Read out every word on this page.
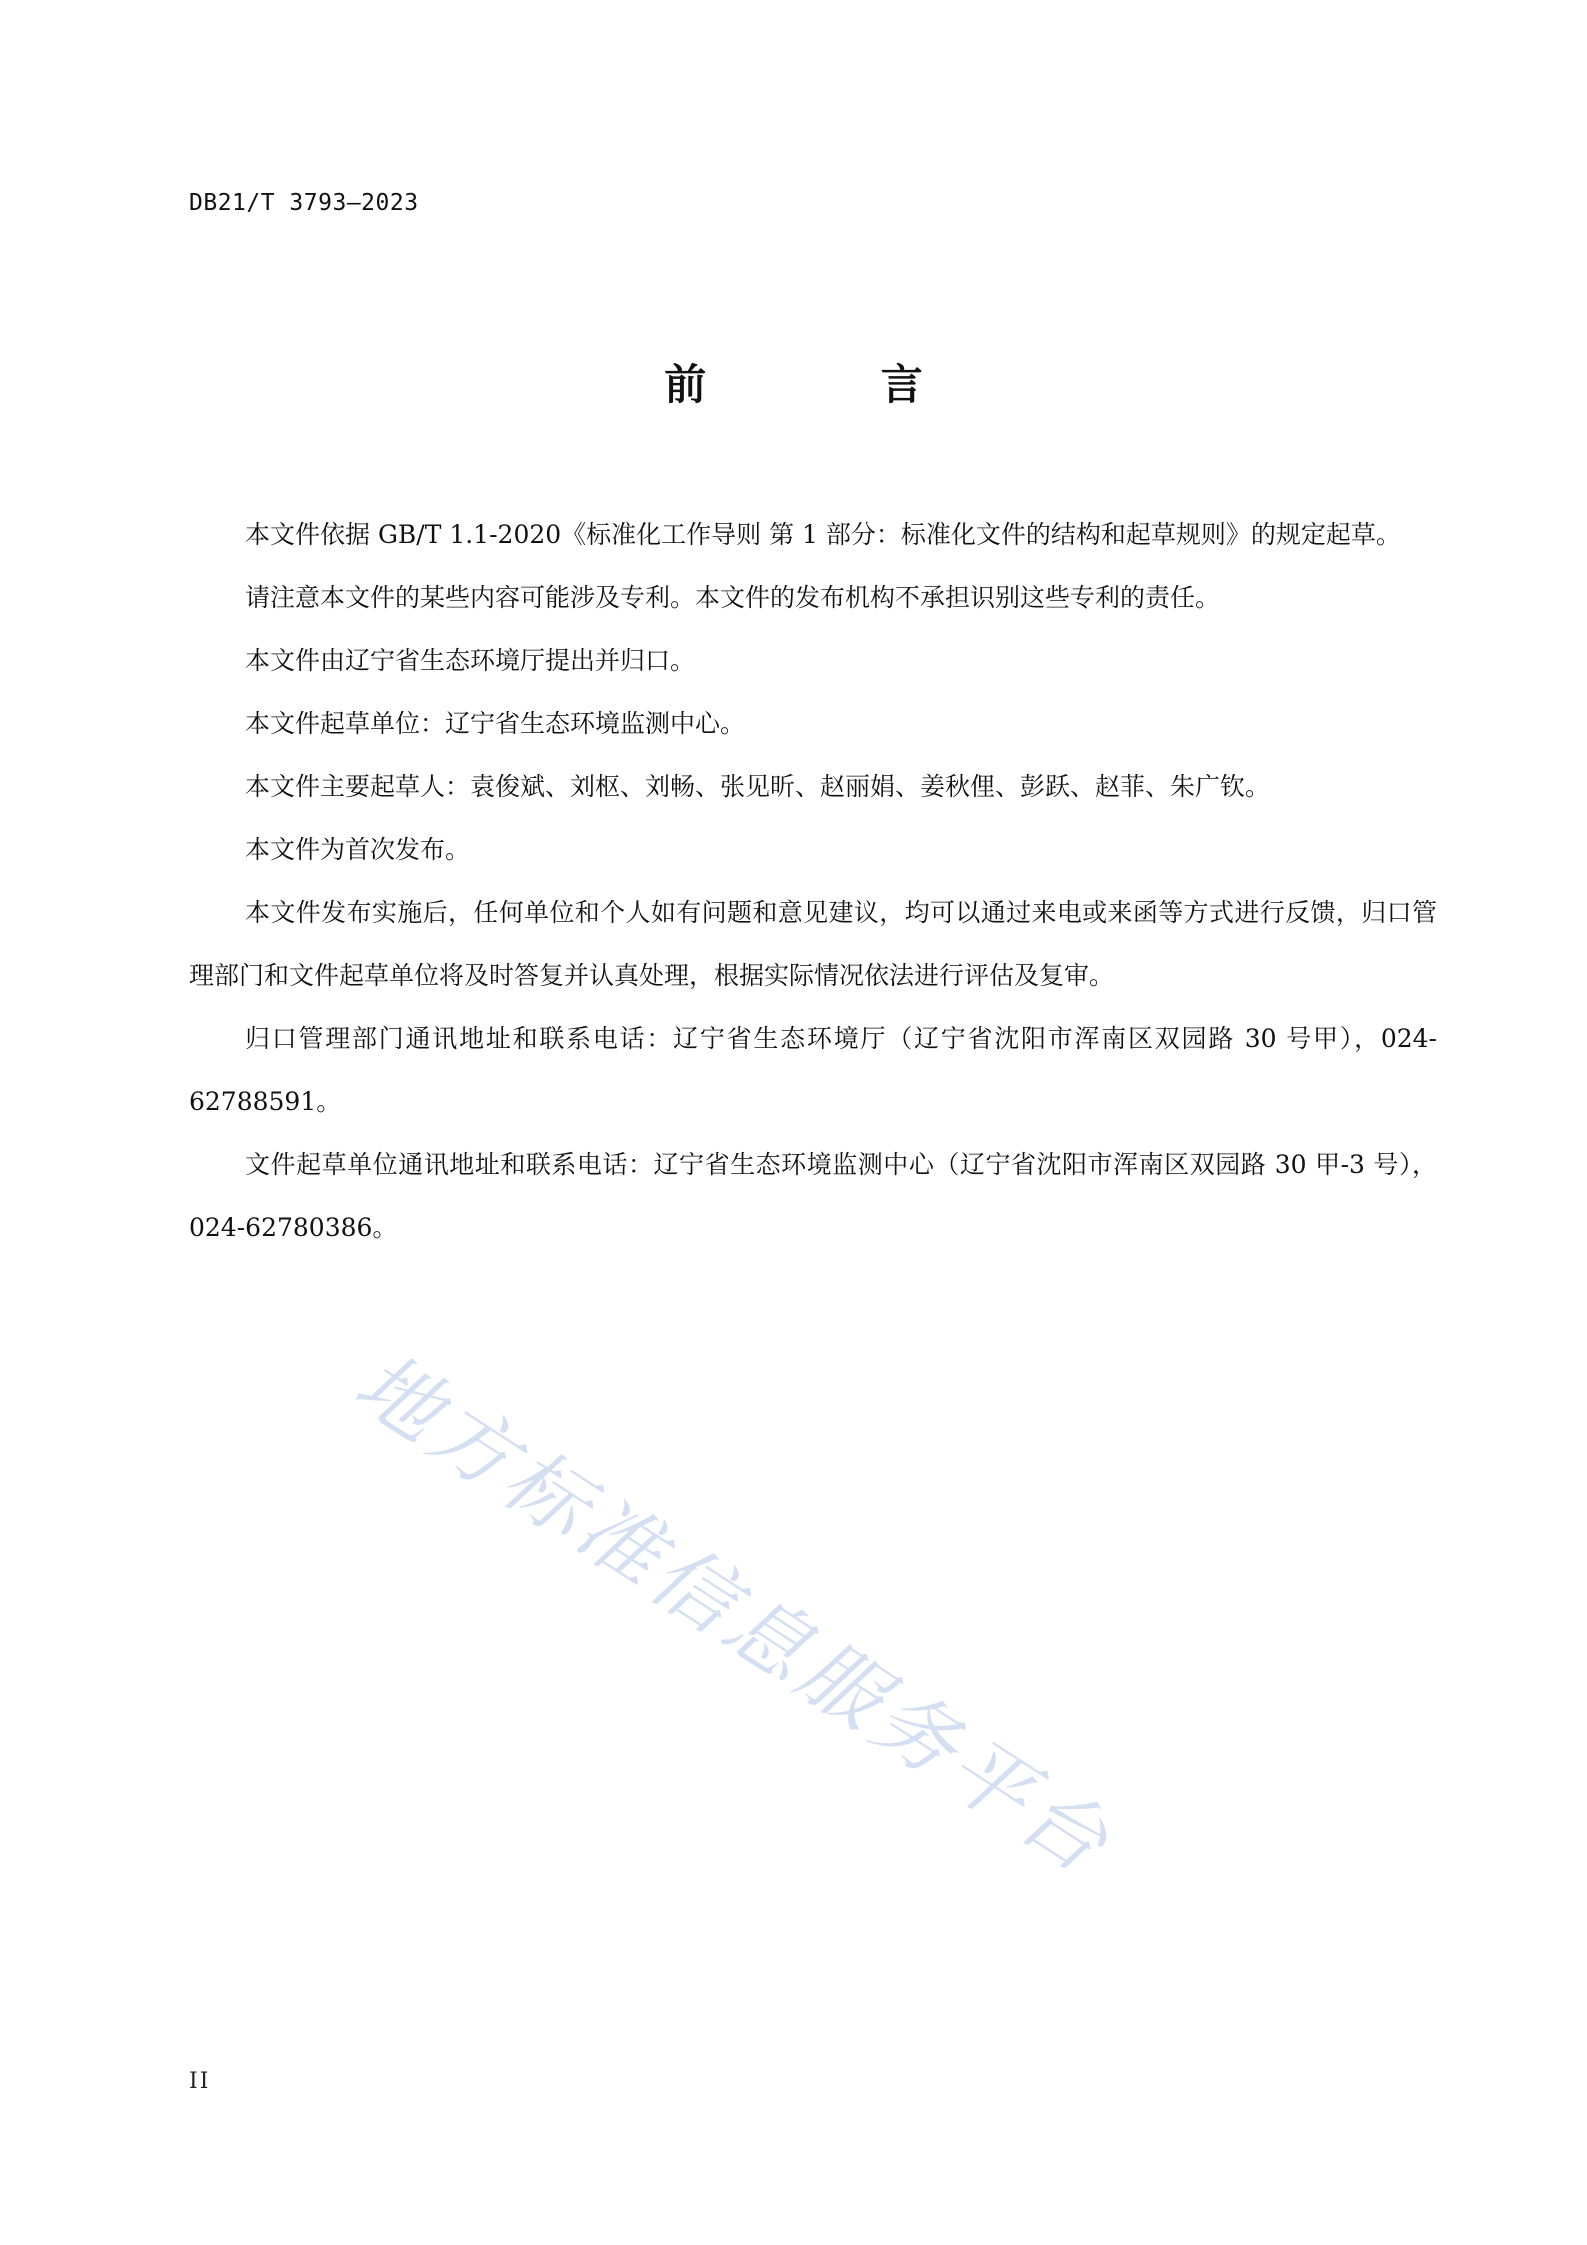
DB21/T 3793—2023
前 言

本文件依据 GB/T 1.1-2020《标准化工作导则 第 1 部分：标准化文件的结构和起草规则》的规定起草。

请注意本文件的某些内容可能涉及专利。本文件的发布机构不承担识别这些专利的责任。

本文件由辽宁省生态环境厅提出并归口。

本文件起草单位：辽宁省生态环境监测中心。

本文件主要起草人：袁俊斌、刘枢、刘畅、张见昕、赵丽娟、姜秋俚、彭跃、赵菲、朱广钦。

本文件为首次发布。

本文件发布实施后，任何单位和个人如有问题和意见建议，均可以通过来电或来函等方式进行反馈，归口管理部门和文件起草单位将及时答复并认真处理，根据实际情况依法进行评估及复审。

归口管理部门通讯地址和联系电话：辽宁省生态环境厅（辽宁省沈阳市浑南区双园路 30 号甲），024-62788591。

文件起草单位通讯地址和联系电话：辽宁省生态环境监测中心（辽宁省沈阳市浑南区双园路 30 甲-3 号），024-62780386。

地方标准信息服务平台
II
